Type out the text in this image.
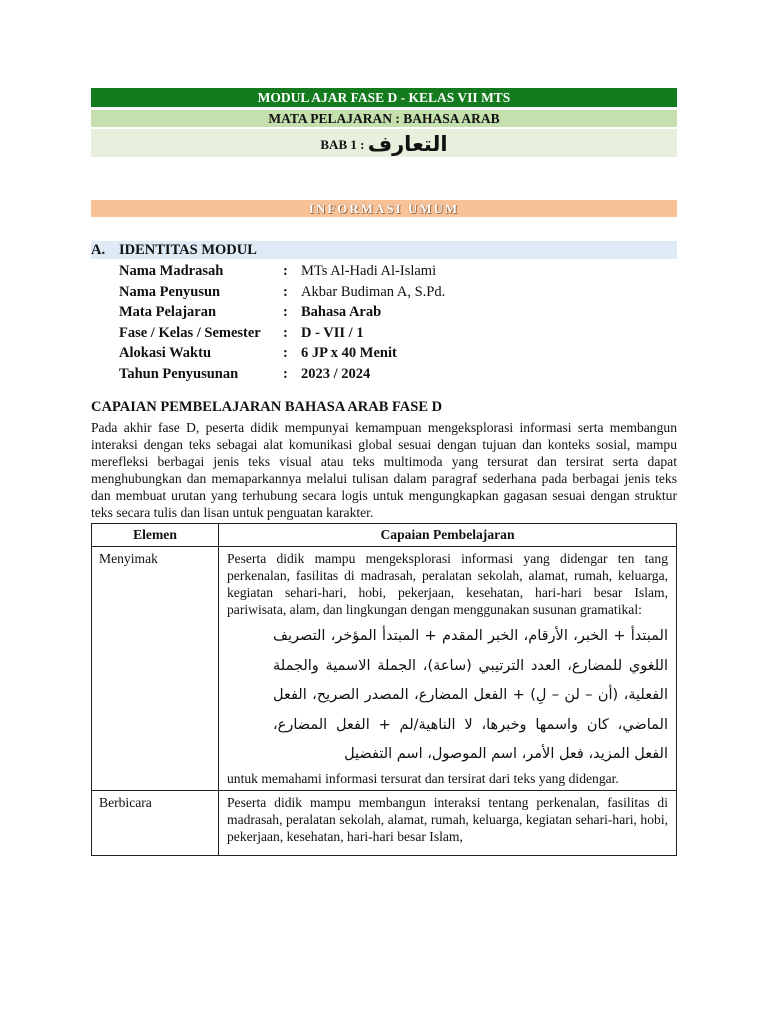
MODUL AJAR FASE D - KELAS VII MTS
MATA PELAJARAN : BAHASA ARAB
BAB 1 : التعارف
INFORMASI UMUM
A. IDENTITAS MODUL
Nama Madrasah	: MTs Al-Hadi Al-Islami
Nama Penyusun	: Akbar Budiman A, S.Pd.
Mata Pelajaran	: Bahasa Arab
Fase / Kelas / Semester : D - VII / 1
Alokasi Waktu	: 6 JP x 40 Menit
Tahun Penyusunan	: 2023 / 2024
CAPAIAN PEMBELAJARAN BAHASA ARAB FASE D
Pada akhir fase D, peserta didik mempunyai kemampuan mengeksplorasi informasi serta membangun interaksi dengan teks sebagai alat komunikasi global sesuai dengan tujuan dan konteks sosial, mampu merefleksi berbagai jenis teks visual atau teks multimoda yang tersurat dan tersirat serta dapat menghubungkan dan memaparkannya melalui tulisan dalam paragraf sederhana pada berbagai jenis teks dan membuat urutan yang terhubung secara logis untuk mengungkapkan gagasan sesuai dengan struktur teks secara tulis dan lisan untuk penguatan karakter.
Elemen	Capaian Pembelajaran
Menyimak	Peserta didik mampu mengeksplorasi informasi yang didengar ten tang perkenalan, fasilitas di madrasah, peralatan sekolah, alamat, rumah, keluarga, kegiatan sehari-hari, hobi, pekerjaan, kesehatan, hari-hari besar Islam, pariwisata, alam, dan lingkungan dengan menggunakan susunan gramatikal:
المبتدأ + الخبر، الأرقام، الخبر المقدم + المبتدأ المؤخر، التصريف اللغوي للمضارع، العدد الترتيبي (ساعة)، الجملة الاسمية والجملة الفعلية، (أن – لن – لِ) + الفعل المضارع، المصدر الصريح، الفعل الماضي، كان واسمها وخبرها، لا الناهية/لم + الفعل المضارع، الفعل المزيد، فعل الأمر، اسم الموصول، اسم التفضيل
untuk memahami informasi tersurat dan tersirat dari teks yang didengar.

Berbicara	Peserta didik mampu membangun interaksi tentang perkenalan, fasilitas di madrasah, peralatan sekolah, alamat, rumah, keluarga, kegiatan sehari-hari, hobi, pekerjaan, kesehatan, hari-hari besar Islam,
